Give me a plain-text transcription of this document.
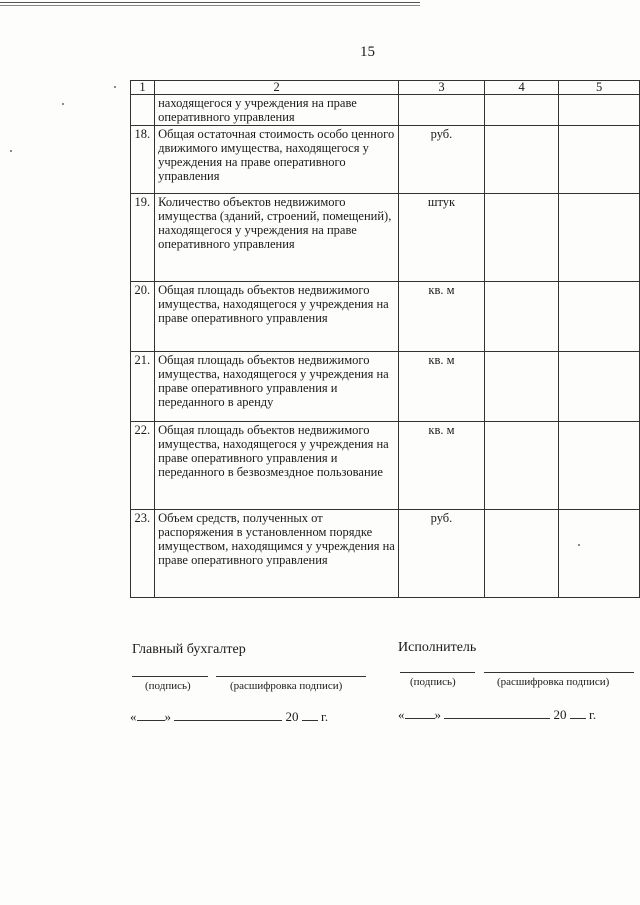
15
1	2	3	4	5
	находящегося у учреждения на праве оперативного управления			
18.	Общая остаточная стоимость особо ценного движимого имущества, находящегося у учреждения на праве оперативного управления	руб.		
19.	Количество объектов недвижимого имущества (зданий, строений, помещений), находящегося у учреждения на праве оперативного управления	штук		
20.	Общая площадь объектов недвижимого имущества, находящегося у учреждения на праве оперативного управления	кв. м		
21.	Общая площадь объектов недвижимого имущества, находящегося у учреждения на праве оперативного управления и переданного в аренду	кв. м		
22.	Общая площадь объектов недвижимого имущества, находящегося у учреждения на праве оперативного управления и переданного в безвозмездное пользование	кв. м		
23.	Объем средств, полученных от распоряжения в установленном порядке имуществом, находящимся у учреждения на праве оперативного управления	руб.		
Главный бухгалтер
(подпись)	(расшифровка подписи)
« »	20 г.
Исполнитель
(подпись)	(расшифровка подписи)
« »	20 г.
